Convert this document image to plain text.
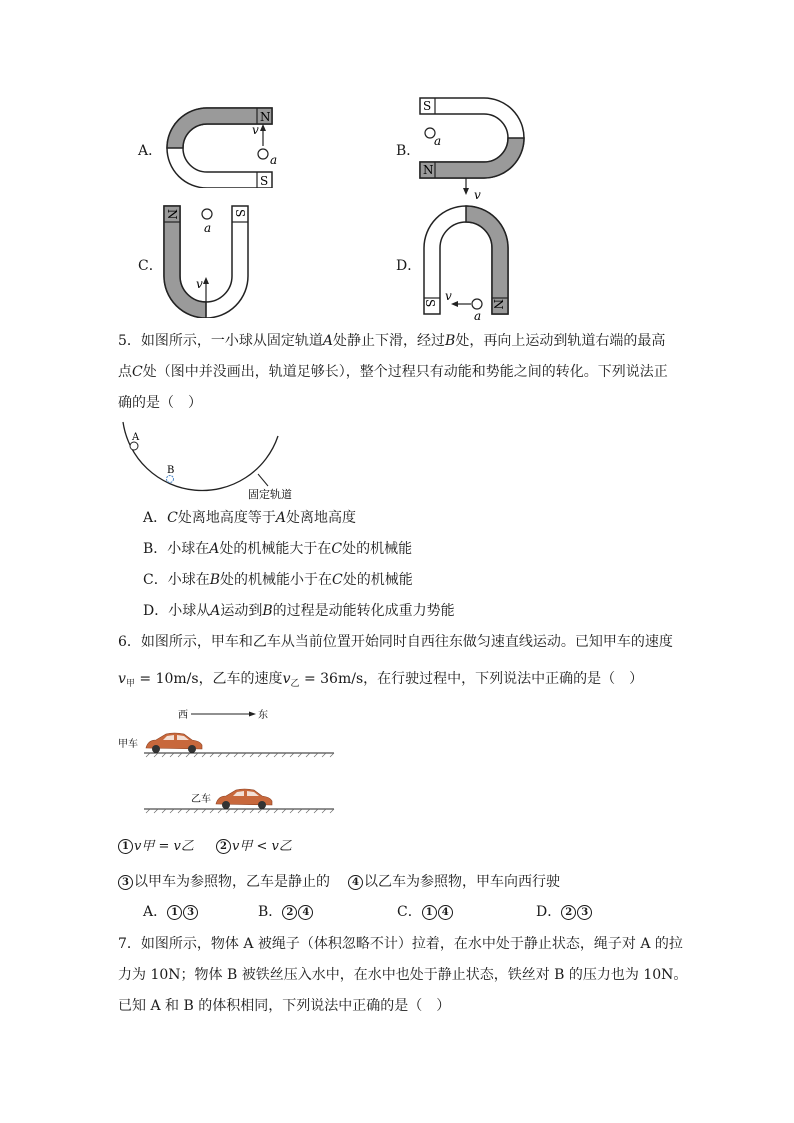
A．
N
S
v
a
B．
S
N
a
v
C．
N	S
a
v
D．
S	N
a
v
5．如图所示，一小球从固定轨道A处静止下滑，经过B处，再向上运动到轨道右端的最高
点C处（图中并没画出，轨道足够长），整个过程只有动能和势能之间的转化。下列说法正
确的是（　）
A
B
固定轨道
A．C处离地高度等于A处离地高度
B．小球在A处的机械能大于在C处的机械能
C．小球在B处的机械能小于在C处的机械能
D．小球从A运动到B的过程是动能转化成重力势能
6．如图所示，甲车和乙车从当前位置开始同时自西往东做匀速直线运动。已知甲车的速度
$v_甲 = 10m/s$，乙车的速度$v_乙 = 36m/s$，在行驶过程中，下列说法中正确的是（　）
西	东
甲车
乙车
1 v甲 = v乙	2 v甲 < v乙
3 以甲车为参照物，乙车是静止的	4 以乙车为参照物，甲车向西行驶
A． 1 3	B． 2 4	C． 1 4	D． 2 3
7．如图所示，物体 A 被绳子（体积忽略不计）拉着，在水中处于静止状态，绳子对 A 的拉
力为 10N；物体 B 被铁丝压入水中，在水中也处于静止状态，铁丝对 B 的压力也为 10N。
已知 A 和 B 的体积相同，下列说法中正确的是（　）
